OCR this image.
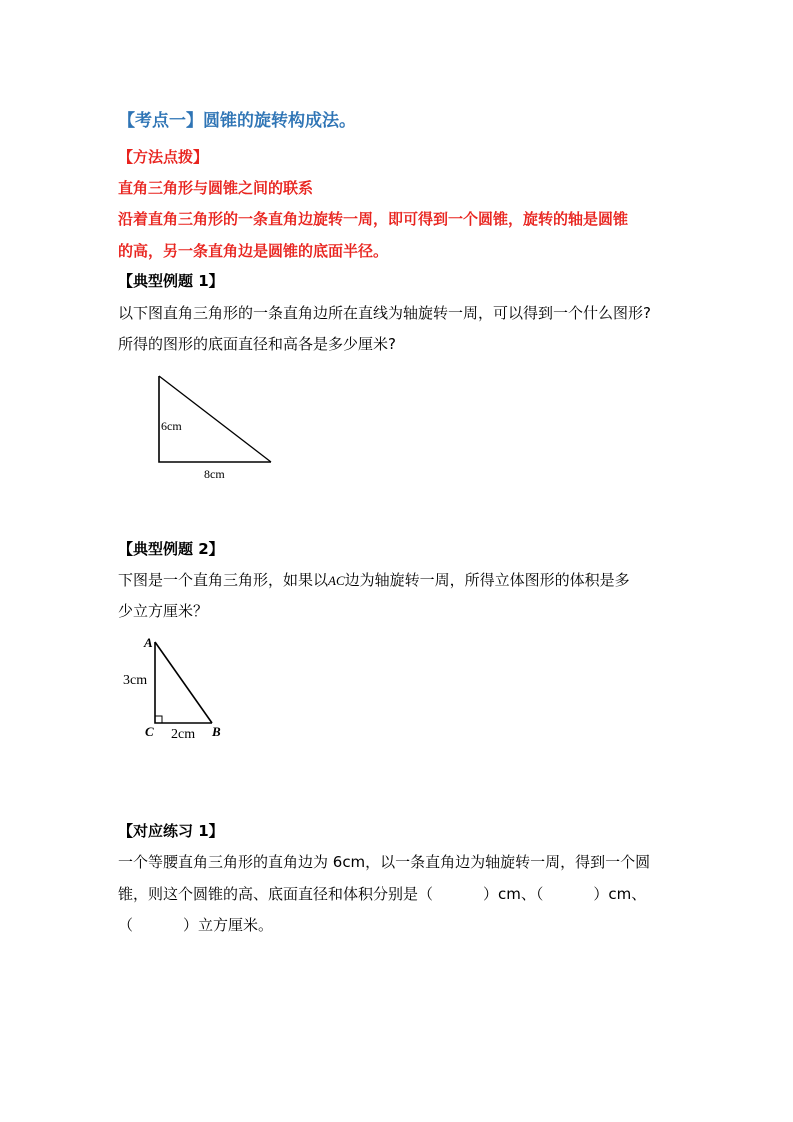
【考点一】圆锥的旋转构成法。
【方法点拨】
直角三角形与圆锥之间的联系
沿着直角三角形的一条直角边旋转一周，即可得到一个圆锥，旋转的轴是圆锥
的高，另一条直角边是圆锥的底面半径。
【典型例题 1】
以下图直角三角形的一条直角边所在直线为轴旋转一周，可以得到一个什么图形?
所得的图形的底面直径和高各是多少厘米?
6cm
8cm
【典型例题 2】
下图是一个直角三角形，如果以AC边为轴旋转一周，所得立体图形的体积是多
少立方厘米？
A
3cm
C 2cm B
【对应练习 1】
一个等腰直角三角形的直角边为 6cm，以一条直角边为轴旋转一周，得到一个圆
锥，则这个圆锥的高、底面直径和体积分别是（	）cm、（	）cm、
（	）立方厘米。
